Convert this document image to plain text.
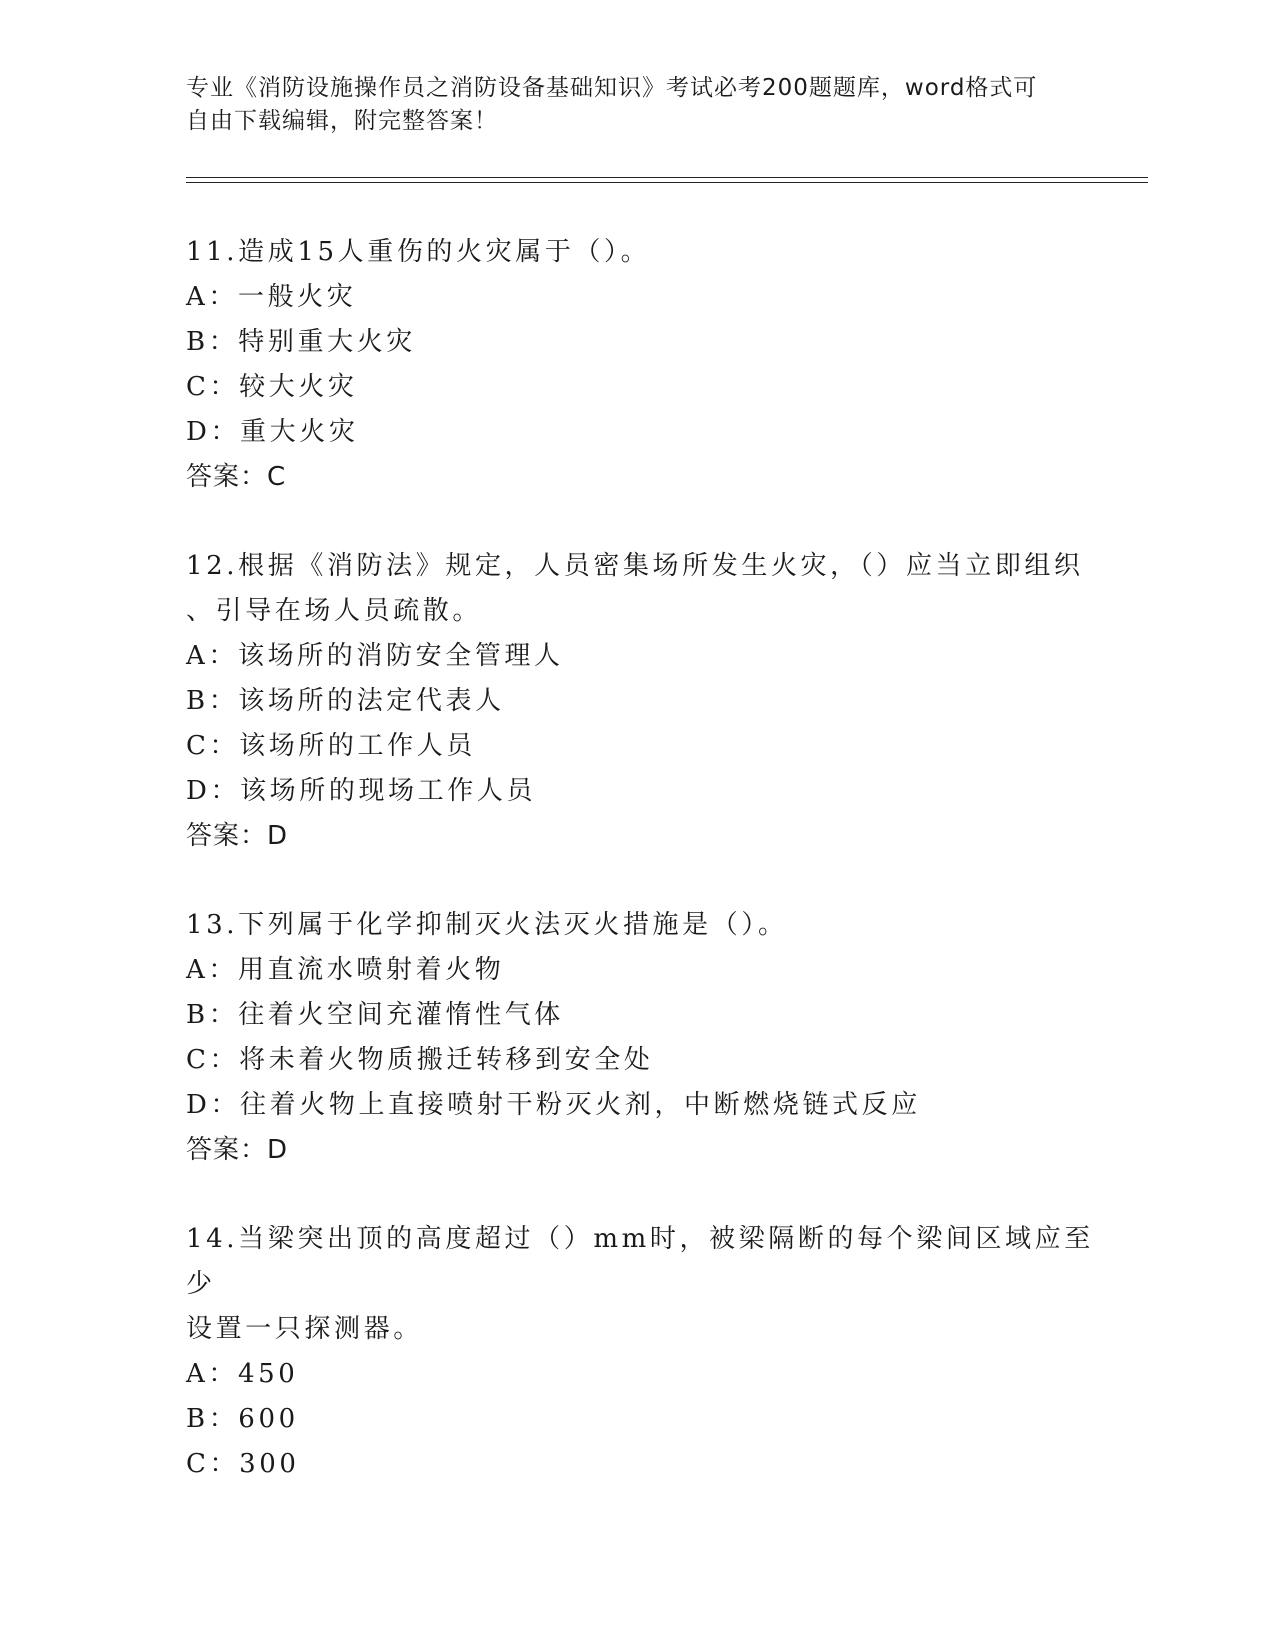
专业《消防设施操作员之消防设备基础知识》考试必考200题题库，word格式可
自由下载编辑，附完整答案！
11.造成15人重伤的火灾属于（）。
A：一般火灾
B：特别重大火灾
C：较大火灾
D：重大火灾
答案：C
12.根据《消防法》规定，人员密集场所发生火灾，（）应当立即组织
、引导在场人员疏散。
A：该场所的消防安全管理人
B：该场所的法定代表人
C：该场所的工作人员
D：该场所的现场工作人员
答案：D
13.下列属于化学抑制灭火法灭火措施是（）。
A：用直流水喷射着火物
B：往着火空间充灌惰性气体
C：将未着火物质搬迁转移到安全处
D：往着火物上直接喷射干粉灭火剂，中断燃烧链式反应
答案：D
14.当梁突出顶的高度超过（）mm时，被梁隔断的每个梁间区域应至少
设置一只探测器。
A：450
B：600
C：300
